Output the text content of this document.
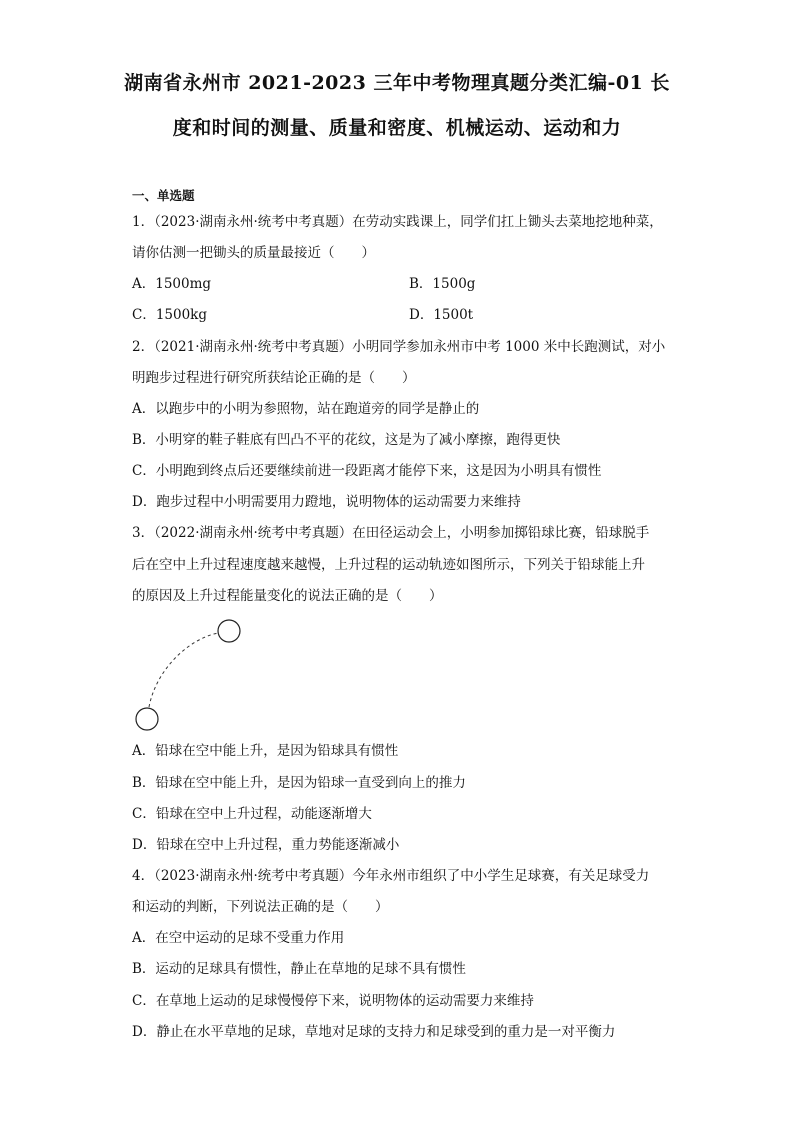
湖南省永州市 2021-2023 三年中考物理真题分类汇编-01 长
度和时间的测量、质量和密度、机械运动、运动和力
一、单选题
1．（2023·湖南永州·统考中考真题）在劳动实践课上，同学们扛上锄头去菜地挖地种菜，
请你估测一把锄头的质量最接近（　　）
A．1500mg	B．1500g
C．1500kg	D．1500t
2．（2021·湖南永州·统考中考真题）小明同学参加永州市中考 1000 米中长跑测试，对小
明跑步过程进行研究所获结论正确的是（　　）
A．以跑步中的小明为参照物，站在跑道旁的同学是静止的
B．小明穿的鞋子鞋底有凹凸不平的花纹，这是为了减小摩擦，跑得更快
C．小明跑到终点后还要继续前进一段距离才能停下来，这是因为小明具有惯性
D．跑步过程中小明需要用力蹬地，说明物体的运动需要力来维持
3．（2022·湖南永州·统考中考真题）在田径运动会上，小明参加掷铅球比赛，铅球脱手
后在空中上升过程速度越来越慢，上升过程的运动轨迹如图所示，下列关于铅球能上升
的原因及上升过程能量变化的说法正确的是（　　）
A．铅球在空中能上升，是因为铅球具有惯性
B．铅球在空中能上升，是因为铅球一直受到向上的推力
C．铅球在空中上升过程，动能逐渐增大
D．铅球在空中上升过程，重力势能逐渐减小
4．（2023·湖南永州·统考中考真题）今年永州市组织了中小学生足球赛，有关足球受力
和运动的判断，下列说法正确的是（　　）
A．在空中运动的足球不受重力作用
B．运动的足球具有惯性，静止在草地的足球不具有惯性
C．在草地上运动的足球慢慢停下来，说明物体的运动需要力来维持
D．静止在水平草地的足球，草地对足球的支持力和足球受到的重力是一对平衡力
